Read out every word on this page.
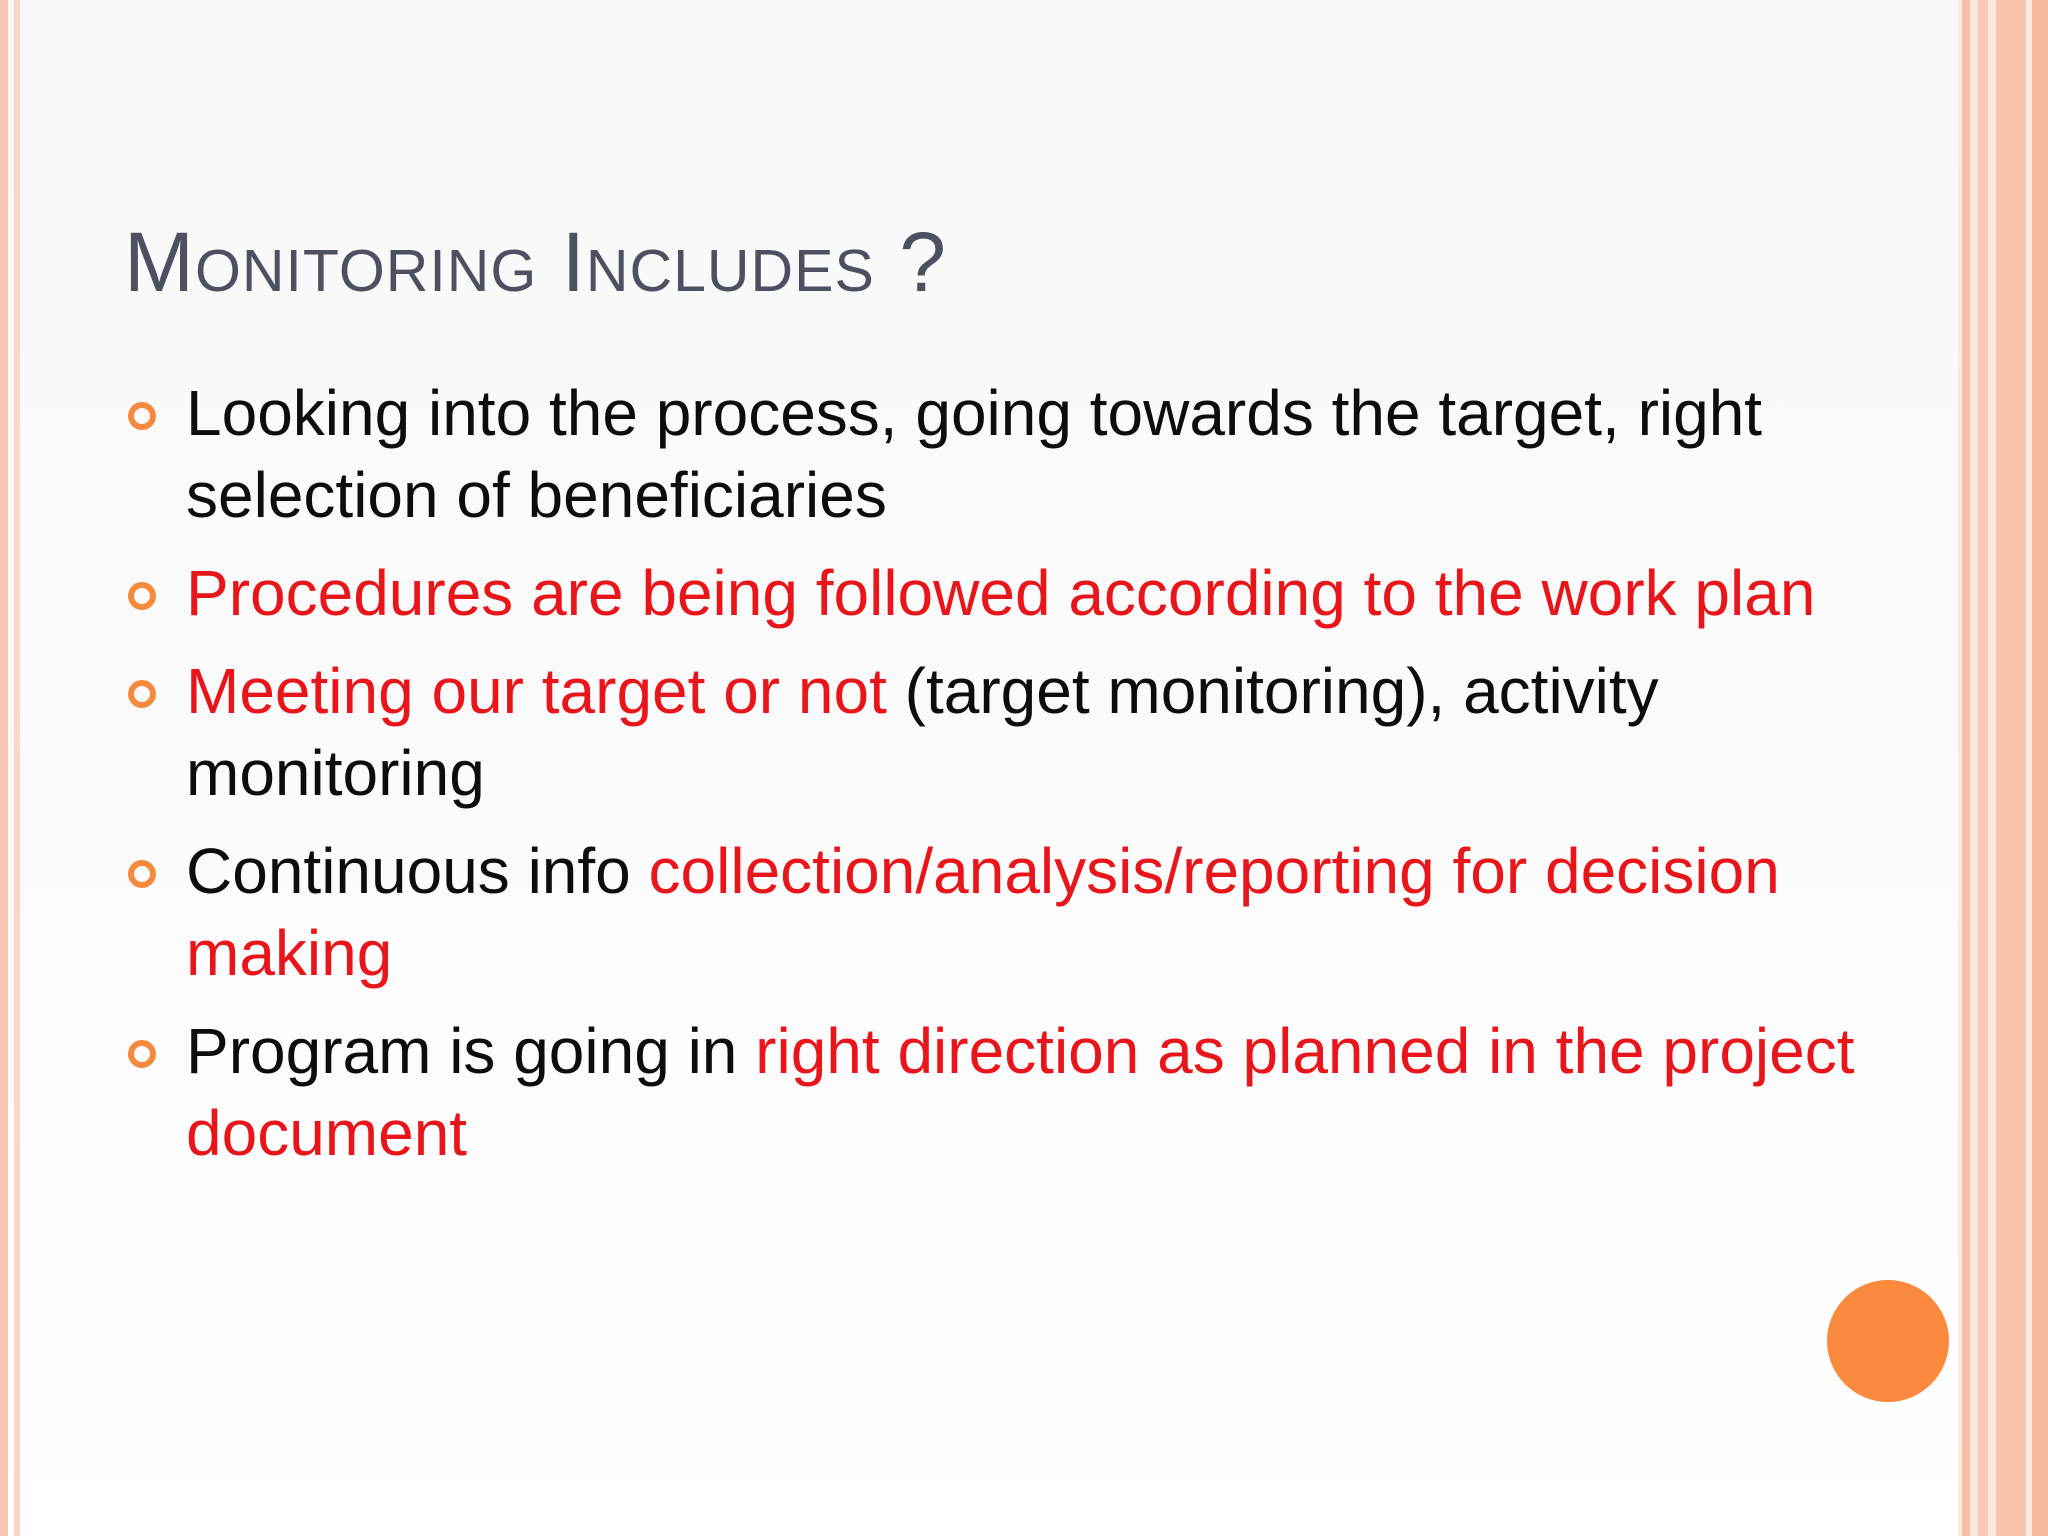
Monitoring Includes ?
Looking into the process, going towards the target, right selection of beneficiaries
Procedures are being followed according to the work plan
Meeting our target or not (target monitoring), activity monitoring
Continuous info collection/analysis/reporting for decision making
Program is going in right direction as planned in the project document
